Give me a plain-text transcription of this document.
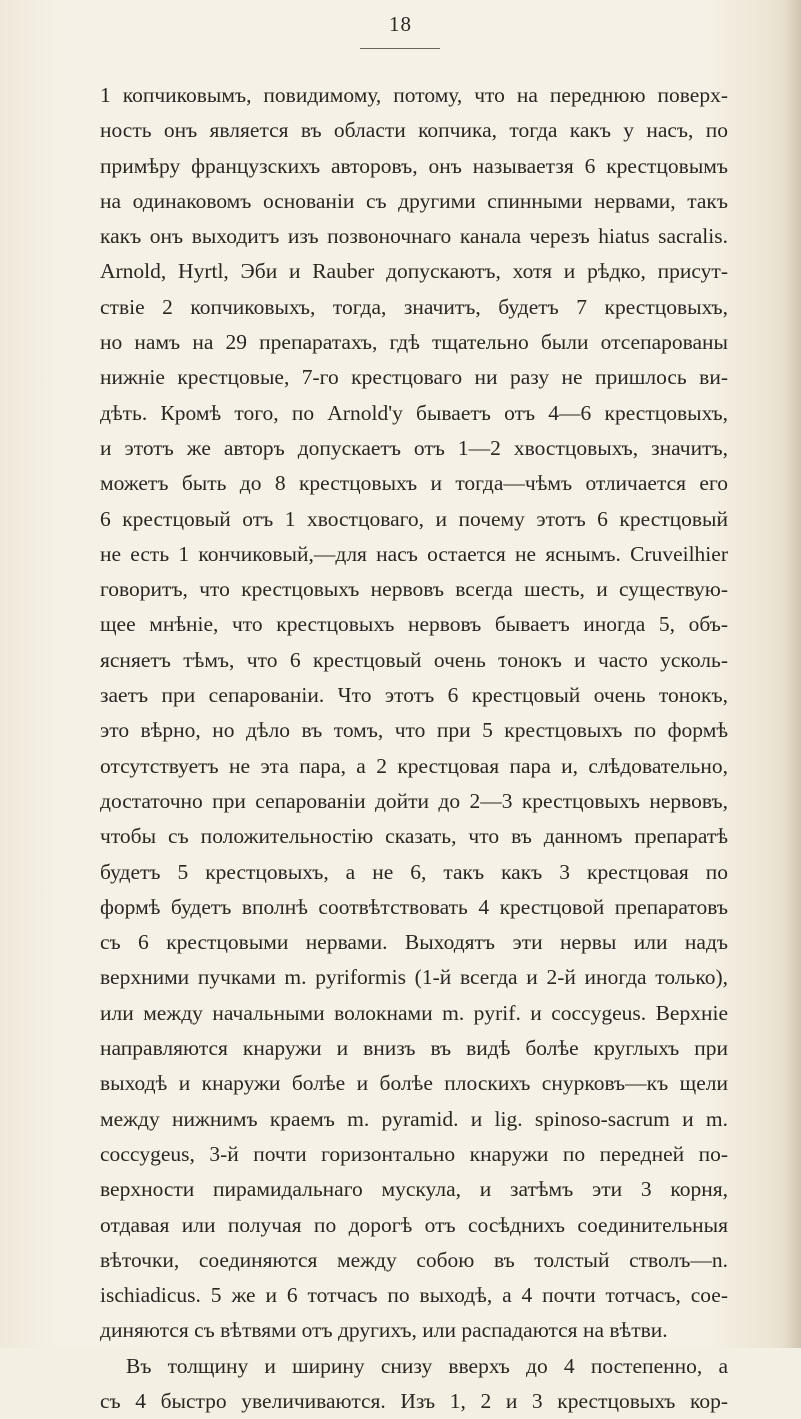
18
1 копчиковымъ, повидимому, потому, что на переднюю поверх-
ность онъ является въ области копчика, тогда какъ у насъ, по
примѣру французскихъ авторовъ, онъ называетзя 6 крестцовымъ
на одинаковомъ основанiи съ другими спинными нервами, такъ
какъ онъ выходитъ изъ позвоночнаго канала черезъ hiatus sacralis.
Arnold, Hyrtl, Эби и Rauber допускаютъ, хотя и рѣдко, присут-
ствiе 2 копчиковыхъ, тогда, значитъ, будетъ 7 крестцовыхъ,
но намъ на 29 препаратахъ, гдѣ тщательно были отсепарованы
нижнiе крестцовые, 7-го крестцоваго ни разу не пришлось ви-
дѣть. Кромѣ того, по Arnold'у бываетъ отъ 4—6 крестцовыхъ,
и этотъ же авторъ допускаетъ отъ 1—2 хвостцовыхъ, значитъ,
можетъ быть до 8 крестцовыхъ и тогда—чѣмъ отличается его
6 крестцовый отъ 1 хвостцоваго, и почему этотъ 6 крестцовый
не есть 1 кончиковый,—для насъ остается не яснымъ. Cruveilhier
говоритъ, что крестцовыхъ нервовъ всегда шесть, и существую-
щее мнѣнiе, что крестцовыхъ нервовъ бываетъ иногда 5, объ-
ясняетъ тѣмъ, что 6 крестцовый очень тонокъ и часто усколь-
заетъ при сепарованiи. Что этотъ 6 крестцовый очень тонокъ,
это вѣрно, но дѣло въ томъ, что при 5 крестцовыхъ по формѣ
отсутствуетъ не эта пара, а 2 крестцовая пара и, слѣдовательно,
достаточно при сепарованiи дойти до 2—3 крестцовыхъ нервовъ,
чтобы съ положительностiю сказать, что въ данномъ препаратѣ
будетъ 5 крестцовыхъ, а не 6, такъ какъ 3 крестцовая по
формѣ будетъ вполнѣ соотвѣтствовать 4 крестцовой препаратовъ
съ 6 крестцовыми нервами. Выходятъ эти нервы или надъ
верхними пучками m. pyriformis (1-й всегда и 2-й иногда только),
или между начальными волокнами m. pyrif. и coccygeus. Верхнiе
направляются кнаружи и внизъ въ видѣ болѣе круглыхъ при
выходѣ и кнаружи болѣе и болѣе плоскихъ снурковъ—къ щели
между нижнимъ краемъ m. pyramid. и lig. spinoso-sacrum и m.
coccygeus, 3-й почти горизонтально кнаружи по передней по-
верхности пирамидальнаго мускула, и затѣмъ эти 3 корня,
отдавая или получая по дорогѣ отъ сосѣднихъ соединительныя
вѣточки, соединяются между собою въ толстый стволъ—n.
ischiadicus. 5 же и 6 тотчасъ по выходѣ, а 4 почти тотчасъ, сое-
диняются съ вѣтвями отъ другихъ, или распадаются на вѣтви.
Въ толщину и ширину снизу вверхъ до 4 постепенно, а
съ 4 быстро увеличиваются. Изъ 1, 2 и 3 крестцовыхъ кор-
